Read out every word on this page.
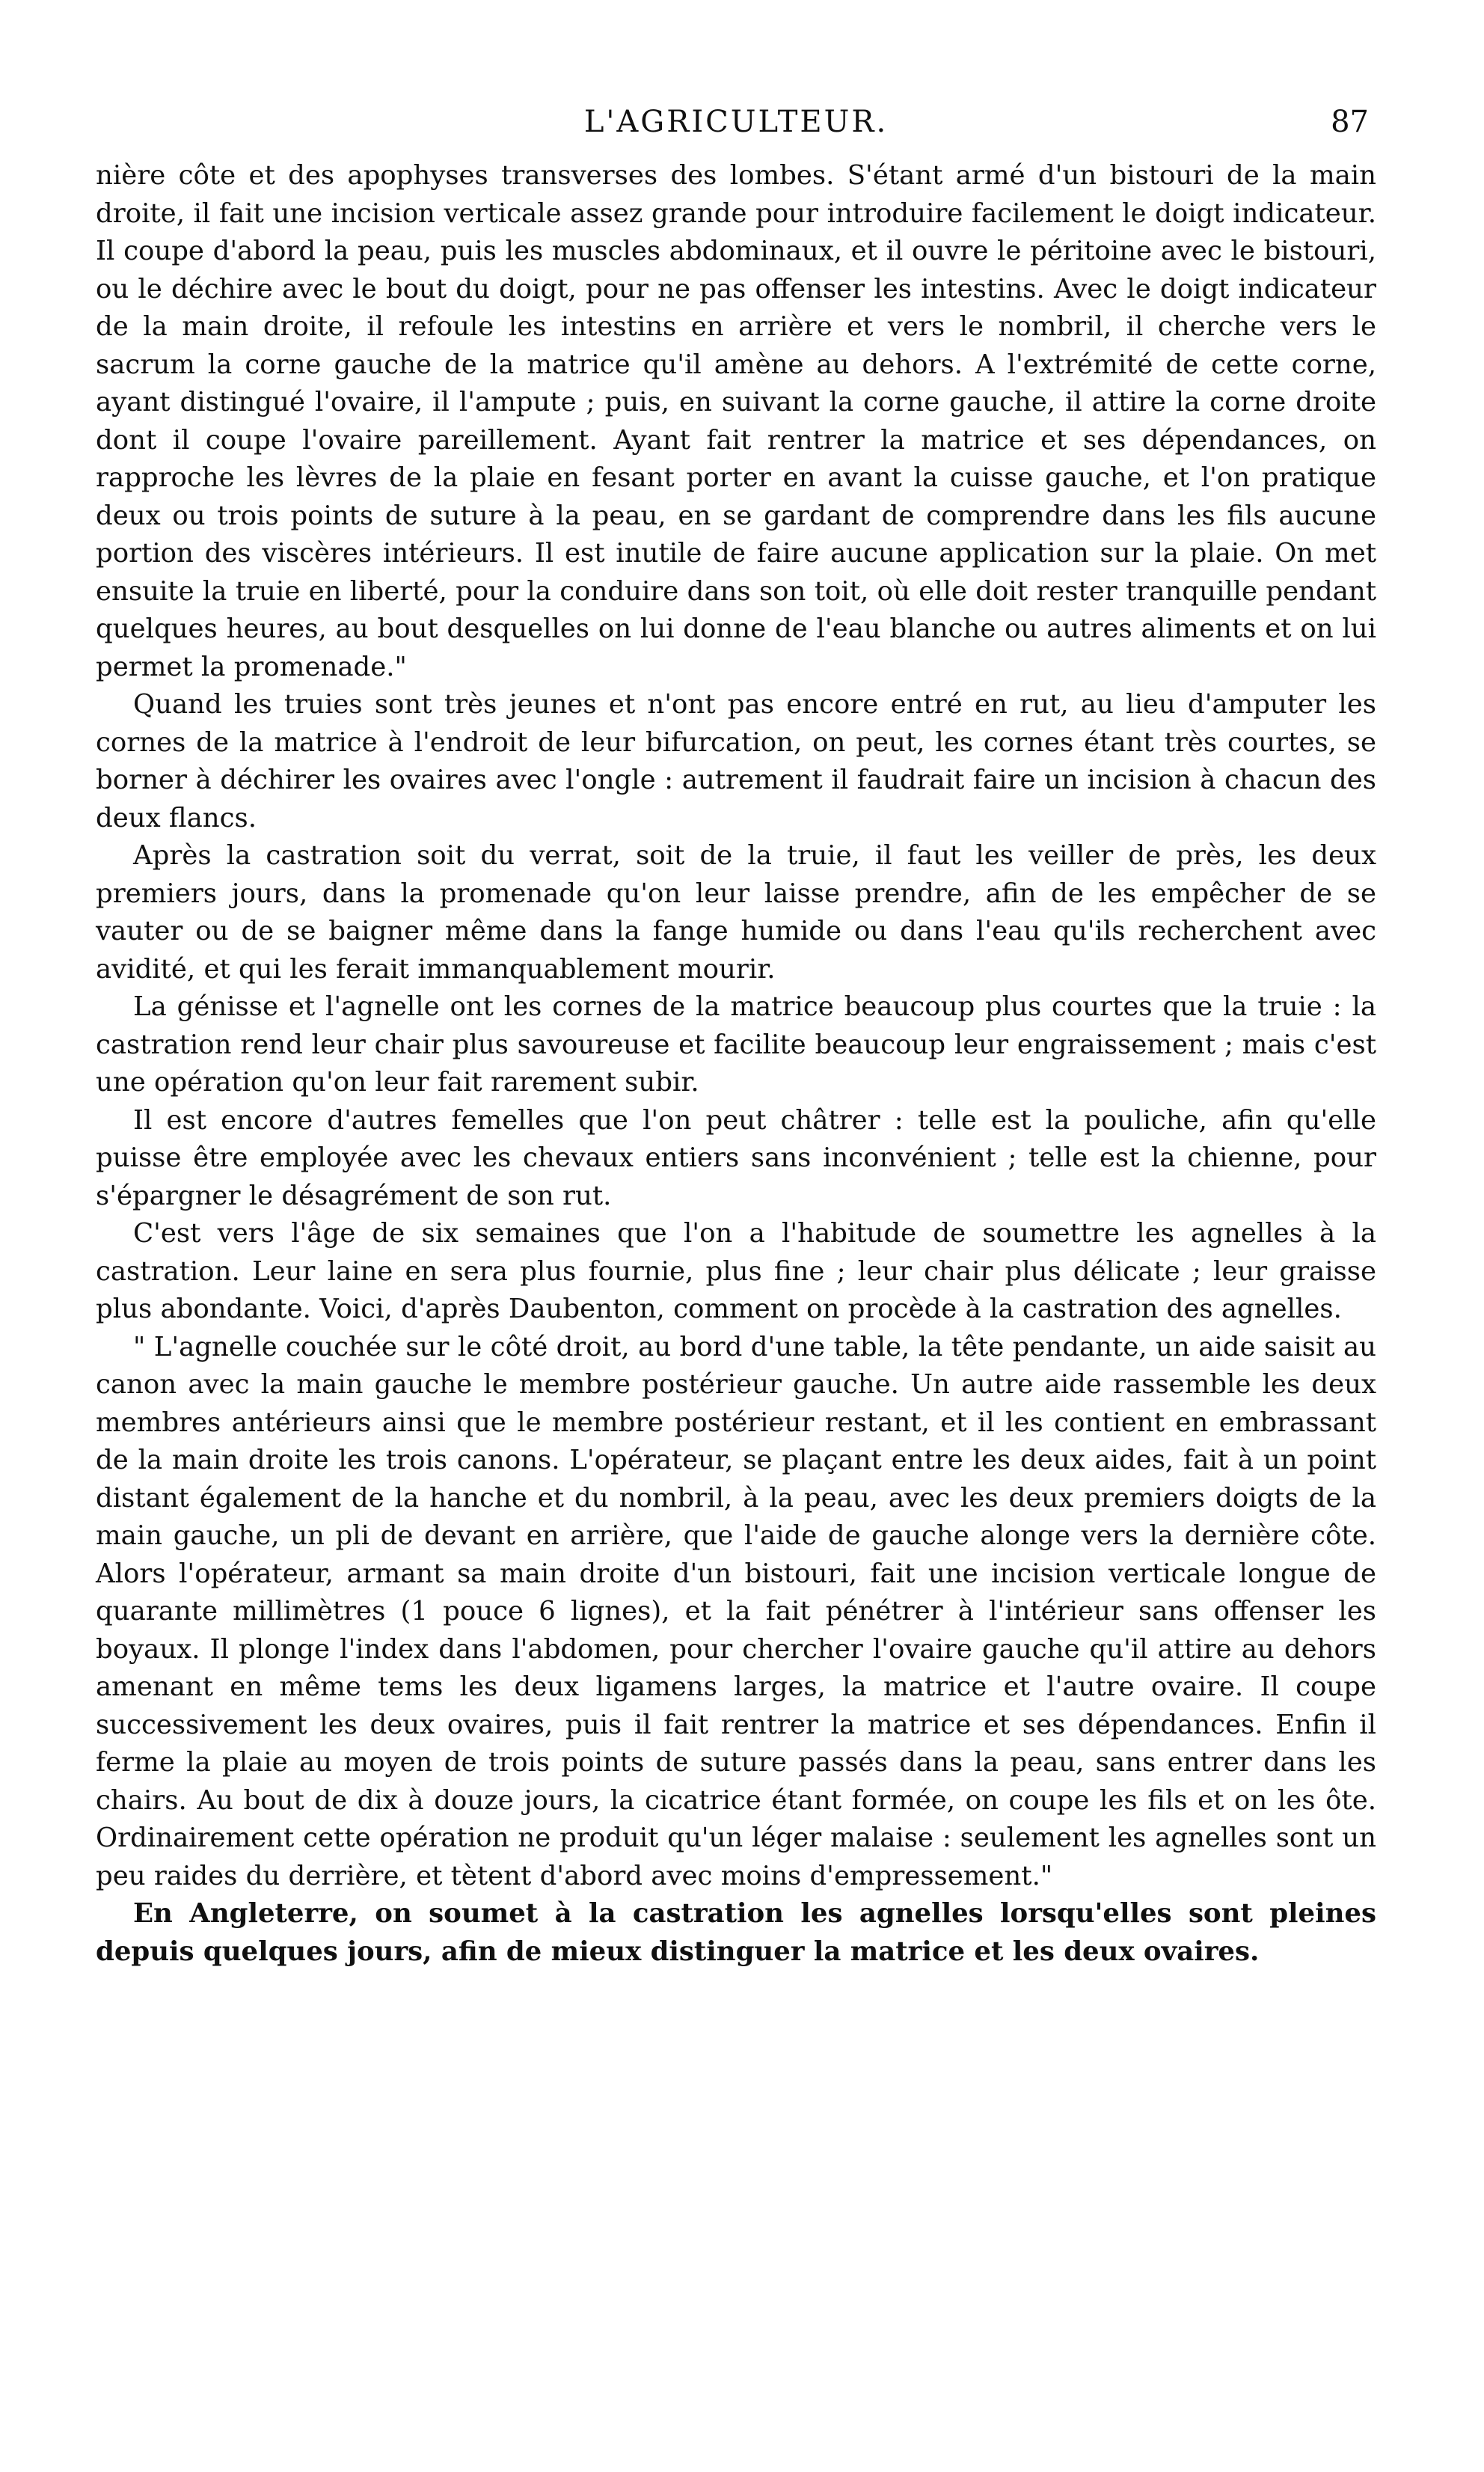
L'AGRICULTEUR.	87

nière côte et des apophyses transverses des lombes. S'étant armé d'un bistouri de la main droite, il fait une incision verticale assez grande pour introduire facilement le doigt indicateur. Il coupe d'abord la peau, puis les muscles abdominaux, et il ouvre le péritoine avec le bistouri, ou le déchire avec le bout du doigt, pour ne pas offenser les intestins. Avec le doigt indicateur de la main droite, il refoule les intestins en arrière et vers le nombril, il cherche vers le sacrum la corne gauche de la matrice qu'il amène au dehors. A l'extrémité de cette corne, ayant distingué l'ovaire, il l'ampute ; puis, en suivant la corne gauche, il attire la corne droite dont il coupe l'ovaire pareillement. Ayant fait rentrer la matrice et ses dépendances, on rapproche les lèvres de la plaie en fesant porter en avant la cuisse gauche, et l'on pratique deux ou trois points de suture à la peau, en se gardant de comprendre dans les fils aucune portion des viscères intérieurs. Il est inutile de faire aucune application sur la plaie. On met ensuite la truie en liberté, pour la conduire dans son toit, où elle doit rester tranquille pendant quelques heures, au bout desquelles on lui donne de l'eau blanche ou autres aliments et on lui permet la promenade."

Quand les truies sont très jeunes et n'ont pas encore entré en rut, au lieu d'amputer les cornes de la matrice à l'endroit de leur bifurcation, on peut, les cornes étant très courtes, se borner à déchirer les ovaires avec l'ongle : autrement il faudrait faire un incision à chacun des deux flancs.

Après la castration soit du verrat, soit de la truie, il faut les veiller de près, les deux premiers jours, dans la promenade qu'on leur laisse prendre, afin de les empêcher de se vauter ou de se baigner même dans la fange humide ou dans l'eau qu'ils recherchent avec avidité, et qui les ferait immanquablement mourir.

La génisse et l'agnelle ont les cornes de la matrice beaucoup plus courtes que la truie : la castration rend leur chair plus savoureuse et facilite beaucoup leur engraissement ; mais c'est une opération qu'on leur fait rarement subir.

Il est encore d'autres femelles que l'on peut châtrer : telle est la pouliche, afin qu'elle puisse être employée avec les chevaux entiers sans inconvénient ; telle est la chienne, pour s'épargner le désagrément de son rut.

C'est vers l'âge de six semaines que l'on a l'habitude de soumettre les agnelles à la castration. Leur laine en sera plus fournie, plus fine ; leur chair plus délicate ; leur graisse plus abondante. Voici, d'après Daubenton, comment on procède à la castration des agnelles.

" L'agnelle couchée sur le côté droit, au bord d'une table, la tête pendante, un aide saisit au canon avec la main gauche le membre postérieur gauche. Un autre aide rassemble les deux membres antérieurs ainsi que le membre postérieur restant, et il les contient en embrassant de la main droite les trois canons. L'opérateur, se plaçant entre les deux aides, fait à un point distant également de la hanche et du nombril, à la peau, avec les deux premiers doigts de la main gauche, un pli de devant en arrière, que l'aide de gauche alonge vers la dernière côte. Alors l'opérateur, armant sa main droite d'un bistouri, fait une incision verticale longue de quarante millimètres (1 pouce 6 lignes), et la fait pénétrer à l'intérieur sans offenser les boyaux. Il plonge l'index dans l'abdomen, pour chercher l'ovaire gauche qu'il attire au dehors amenant en même tems les deux ligamens larges, la matrice et l'autre ovaire. Il coupe successivement les deux ovaires, puis il fait rentrer la matrice et ses dépendances. Enfin il ferme la plaie au moyen de trois points de suture passés dans la peau, sans entrer dans les chairs. Au bout de dix à douze jours, la cicatrice étant formée, on coupe les fils et on les ôte. Ordinairement cette opération ne produit qu'un léger malaise : seulement les agnelles sont un peu raides du derrière, et tètent d'abord avec moins d'empressement."

En Angleterre, on soumet à la castration les agnelles lorsqu'elles sont pleines depuis quelques jours, afin de mieux distinguer la matrice et les deux ovaires.
